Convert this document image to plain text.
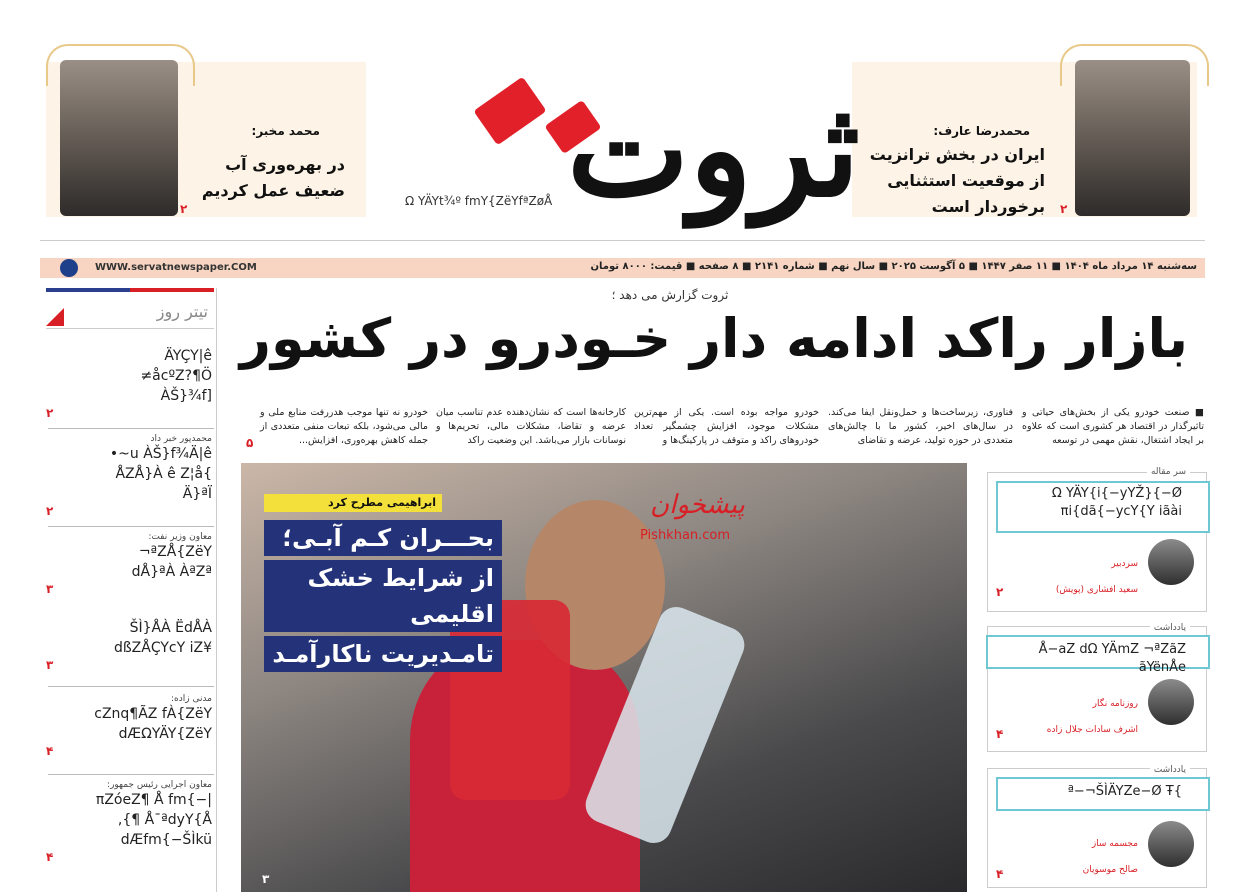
محمدرضا عارف:
ایران در بخش ترانزیت
از موقعیت استثنایی
برخوردار است ۲
محمد مخبر:
در بهره‌وری آب
ضعیف عمل کردیم
۲	ثروت
Ω YÄYt¾º fmY{ZëYfªZøÅ
WWW.servatnewspaper.COM	سه‌شنبه ۱۴ مرداد ماه ۱۴۰۴ ■ ۱۱ صفر ۱۴۴۷ ■ ۵ آگوست ۲۰۲۵ ■ سال نهم ■ شماره ۲۱۴۱ ■ ۸ صفحه ■ قیمت: ۸۰۰۰ تومان
تیتر روز
ÄYÇY|ê
≠åcºZ?¶Ö
ÀŠ}¾f]
۲
محمدپور خبر داد
•~u ÀŠ}f¾Ä|ê
ÅZÅ}À ê Z¦å{
Ä}ªÏ
۲
معاون وزیر نفت:
¬ªZÅ{ZëY
dÅ}ªÀ ÀªZª
۳
ŠÌ}ÅÀ ËdÅÀ
dßZÅÇYcY iZ¥
۳
مدنی زاده:
cZnq¶ÃZ fÀ{ZëY
dÆΩYÄY{ZëY
۴
معاون اجرایی رئیس جمهور:
πZóeZ¶ Å fm{−|
,{¶ Å¯ªdyY{Å
dÆfm{−ŠÌkü
۴
ثروت گزارش می دهد ؛
بازار راکد ادامه دار خـودرو در کشور
■ صنعت خودرو یکی از بخش‌های حیاتی و تاثیرگذار در اقتصاد هر کشوری است که علاوه بر ایجاد اشتغال، نقش مهمی در توسعه
فناوری، زیرساخت‌ها و حمل‌ونقل ایفا می‌کند. در سال‌های اخیر، کشور ما با چالش‌های متعددی در حوزه تولید، عرضه و تقاضای
خودرو مواجه بوده است. یکی از مهم‌ترین مشکلات موجود، افزایش چشمگیر تعداد خودروهای راکد و متوقف در پارکینگ‌ها و
کارخانه‌ها است که نشان‌دهنده عدم تناسب میان عرضه و تقاضا، مشکلات مالی، تحریم‌ها و نوسانات بازار می‌باشد. این وضعیت راکد
خودرو نه تنها موجب هدررفت منابع ملی و مالی می‌شود، بلکه تبعات منفی متعددی از جمله کاهش بهره‌وری، افزایش...
۵
ابراهیمی مطرح کرد
بحـــران کـم آبـی؛
از شرایط خشک اقلیمی
تامـدیریت ناکارآمـد
پیشخوان
Pishkhan.com
۳
سر مقاله
Ω YÄY{i{−yYŽ}{−Ø
πi{dã{−ycY{Y iãài
سردبیر
سعید افشاری (پویش)
۲
یادداشت
Å−aZ dΩ YÄmZ ¬ªZãZ ãYënÅe
روزنامه نگار
اشرف سادات جلال زاده
۴
یادداشت
ª−¬ŠÌÄYZe−Ø Ŧ{
مجسمه ساز
صالح موسویان
۴
